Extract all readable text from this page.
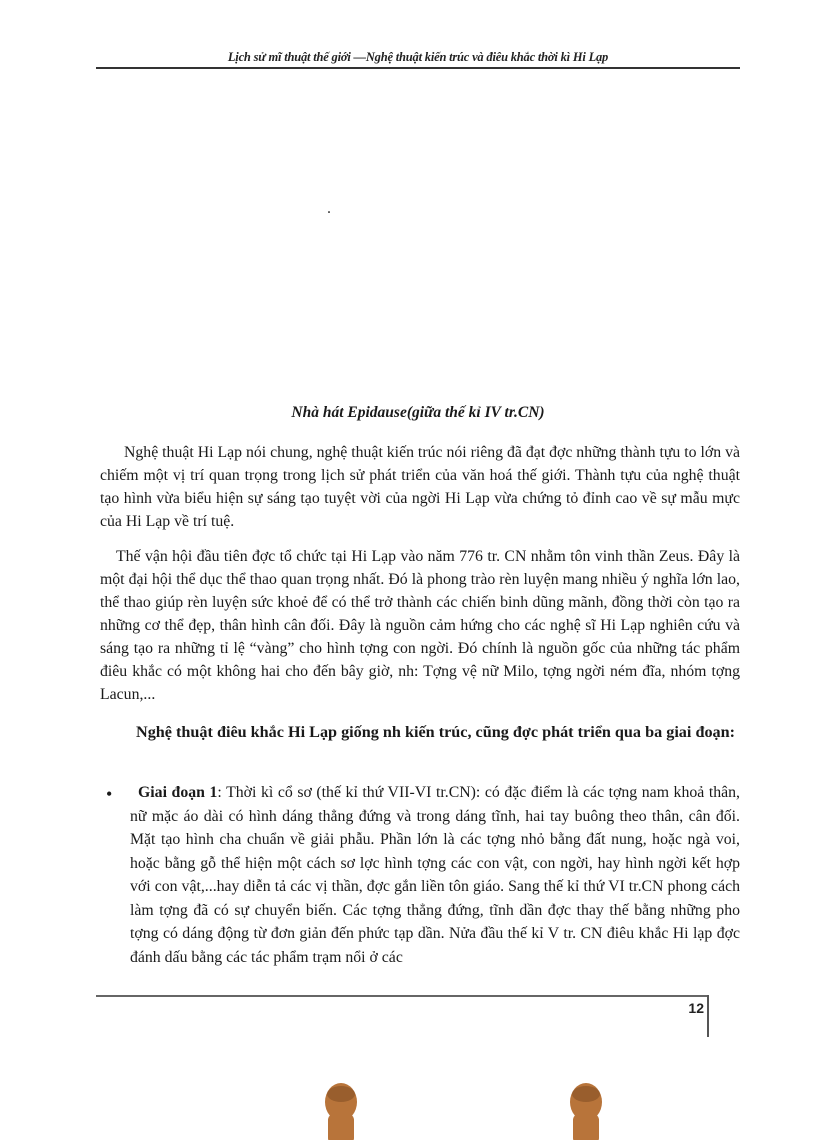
Lịch sử mĩ thuật thế giới —Nghệ thuật kiến trúc và điêu khắc thời kì Hi Lạp
.
Nhà hát Epidause(giữa thế kỉ IV tr.CN)

Nghệ thuật Hi Lạp nói chung, nghệ thuật kiến trúc nói riêng đã đạt đợc những thành tựu to lớn và chiếm một vị trí quan trọng trong lịch sử phát triển của văn hoá thế giới. Thành tựu của nghệ thuật tạo hình vừa biểu hiện sự sáng tạo tuyệt vời của ngời Hi Lạp vừa chứng tỏ đỉnh cao về sự mẫu mực của Hi Lạp về trí tuệ.

Thế vận hội đầu tiên đợc tổ chức tại Hi Lạp vào năm 776 tr. CN nhằm tôn vinh thần Zeus. Đây là một đại hội thể dục thể thao quan trọng nhất. Đó là phong trào rèn luyện mang nhiều ý nghĩa lớn lao, thể thao giúp rèn luyện sức khoẻ để có thể trở thành các chiến binh dũng mãnh, đồng thời còn tạo ra những cơ thể đẹp, thân hình cân đối. Đây là nguồn cảm hứng cho các nghệ sĩ Hi Lạp nghiên cứu và sáng tạo ra những tỉ lệ “vàng” cho hình tợng con ngời. Đó chính là nguồn gốc của những tác phẩm điêu khắc có một không hai cho đến bây giờ, nh: Tợng vệ nữ Milo, tợng ngời ném đĩa, nhóm tợng Lacun,...

Nghệ thuật điêu khắc Hi Lạp giống nh kiến trúc, cũng đợc phát triển qua ba giai đoạn:

•	Giai đoạn 1: Thời kì cổ sơ (thế kỉ thứ VII-VI tr.CN): có đặc điểm là các tợng nam khoả thân, nữ mặc áo dài có hình dáng thẳng đứng và trong dáng tĩnh, hai tay buông theo thân, cân đối. Mặt tạo hình cha chuẩn về giải phẫu. Phần lớn là các tợng nhỏ bằng đất nung, hoặc ngà voi, hoặc bằng gỗ thể hiện một cách sơ lợc hình tợng các con vật, con ngời, hay hình ngời kết hợp với con vật,...hay diễn tả các vị thần, đợc gắn liền tôn giáo. Sang thế kỉ thứ VI tr.CN phong cách làm tợng đã có sự chuyển biến. Các tợng thẳng đứng, tĩnh dần đợc thay thế bằng những pho tợng có dáng động từ đơn giản đến phức tạp dần. Nửa đầu thế kỉ V tr. CN điêu khắc Hi lạp đợc đánh dấu bằng các tác phẩm trạm nổi ở các

12
